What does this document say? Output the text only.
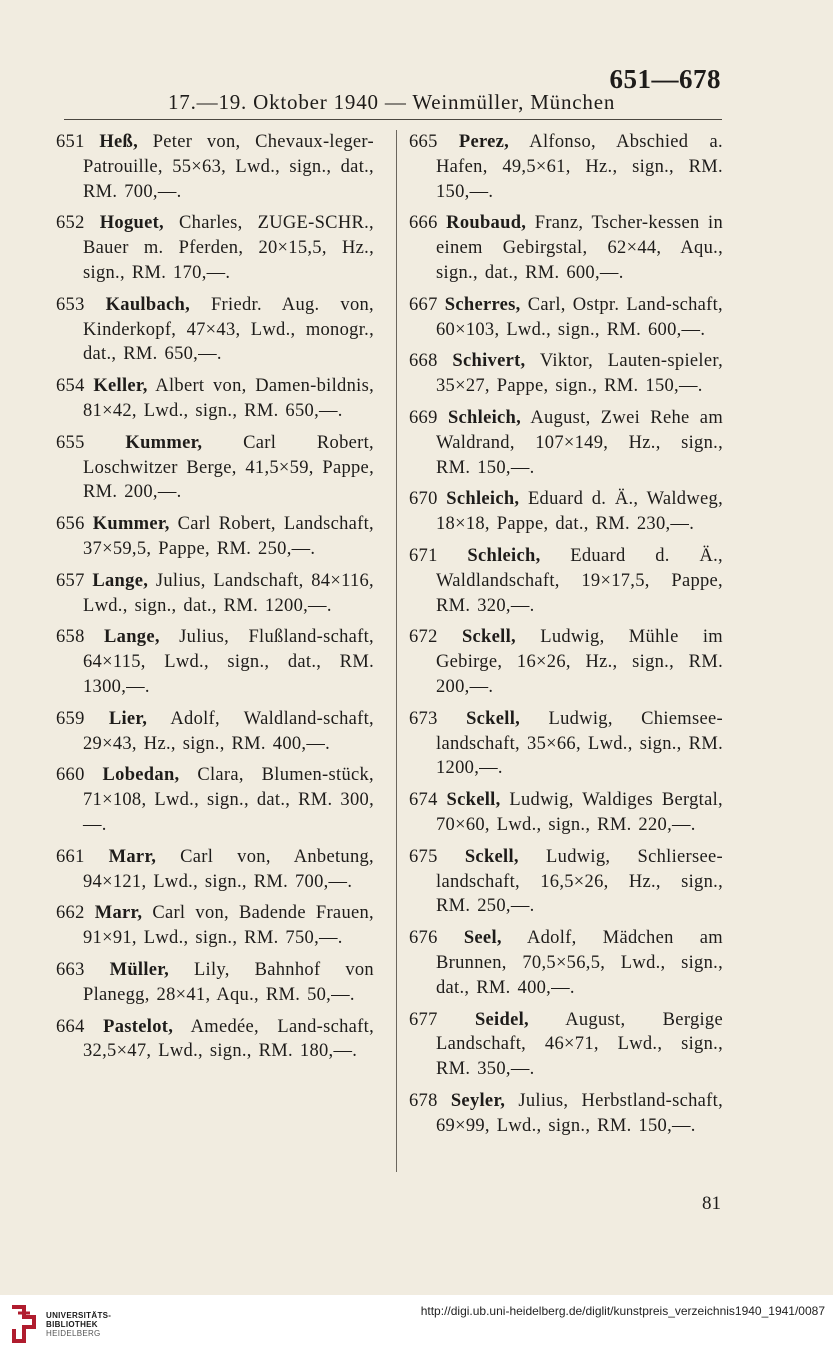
651—678
17.—19. Oktober 1940 — Weinmüller, München

651 Heß, Peter von, Chevaux-leger-Patrouille, 55×63, Lwd., sign., dat., RM. 700,—.

652 Hoguet, Charles, ZUGE-SCHR., Bauer m. Pferden, 20×15,5, Hz., sign., RM. 170,—.

653 Kaulbach, Friedr. Aug. von, Kinderkopf, 47×43, Lwd., monogr., dat., RM. 650,—.

654 Keller, Albert von, Damen-bildnis, 81×42, Lwd., sign., RM. 650,—.

655 Kummer, Carl Robert, Loschwitzer Berge, 41,5×59, Pappe, RM. 200,—.

656 Kummer, Carl Robert, Landschaft, 37×59,5, Pappe, RM. 250,—.

657 Lange, Julius, Landschaft, 84×116, Lwd., sign., dat., RM. 1200,—.

658 Lange, Julius, Flußland-schaft, 64×115, Lwd., sign., dat., RM. 1300,—.

659 Lier, Adolf, Waldland-schaft, 29×43, Hz., sign., RM. 400,—.

660 Lobedan, Clara, Blumen-stück, 71×108, Lwd., sign., dat., RM. 300,—.

661 Marr, Carl von, Anbetung, 94×121, Lwd., sign., RM. 700,—.

662 Marr, Carl von, Badende Frauen, 91×91, Lwd., sign., RM. 750,—.

663 Müller, Lily, Bahnhof von Planegg, 28×41, Aqu., RM. 50,—.

664 Pastelot, Amedée, Land-schaft, 32,5×47, Lwd., sign., RM. 180,—.

665 Perez, Alfonso, Abschied a. Hafen, 49,5×61, Hz., sign., RM. 150,—.

666 Roubaud, Franz, Tscher-kessen in einem Gebirgstal, 62×44, Aqu., sign., dat., RM. 600,—.

667 Scherres, Carl, Ostpr. Land-schaft, 60×103, Lwd., sign., RM. 600,—.

668 Schivert, Viktor, Lauten-spieler, 35×27, Pappe, sign., RM. 150,—.

669 Schleich, August, Zwei Rehe am Waldrand, 107×149, Hz., sign., RM. 150,—.

670 Schleich, Eduard d. Ä., Waldweg, 18×18, Pappe, dat., RM. 230,—.

671 Schleich, Eduard d. Ä., Waldlandschaft, 19×17,5, Pappe, RM. 320,—.

672 Sckell, Ludwig, Mühle im Gebirge, 16×26, Hz., sign., RM. 200,—.

673 Sckell, Ludwig, Chiemsee-landschaft, 35×66, Lwd., sign., RM. 1200,—.

674 Sckell, Ludwig, Waldiges Bergtal, 70×60, Lwd., sign., RM. 220,—.

675 Sckell, Ludwig, Schliersee-landschaft, 16,5×26, Hz., sign., RM. 250,—.

676 Seel, Adolf, Mädchen am Brunnen, 70,5×56,5, Lwd., sign., dat., RM. 400,—.

677 Seidel, August, Bergige Landschaft, 46×71, Lwd., sign., RM. 350,—.

678 Seyler, Julius, Herbstland-schaft, 69×99, Lwd., sign., RM. 150,—.

81
UNIVERSITÄTS-
BIBLIOTHEK
HEIDELBERG
http://digi.ub.uni-heidelberg.de/diglit/kunstpreis_verzeichnis1940_1941/0087
